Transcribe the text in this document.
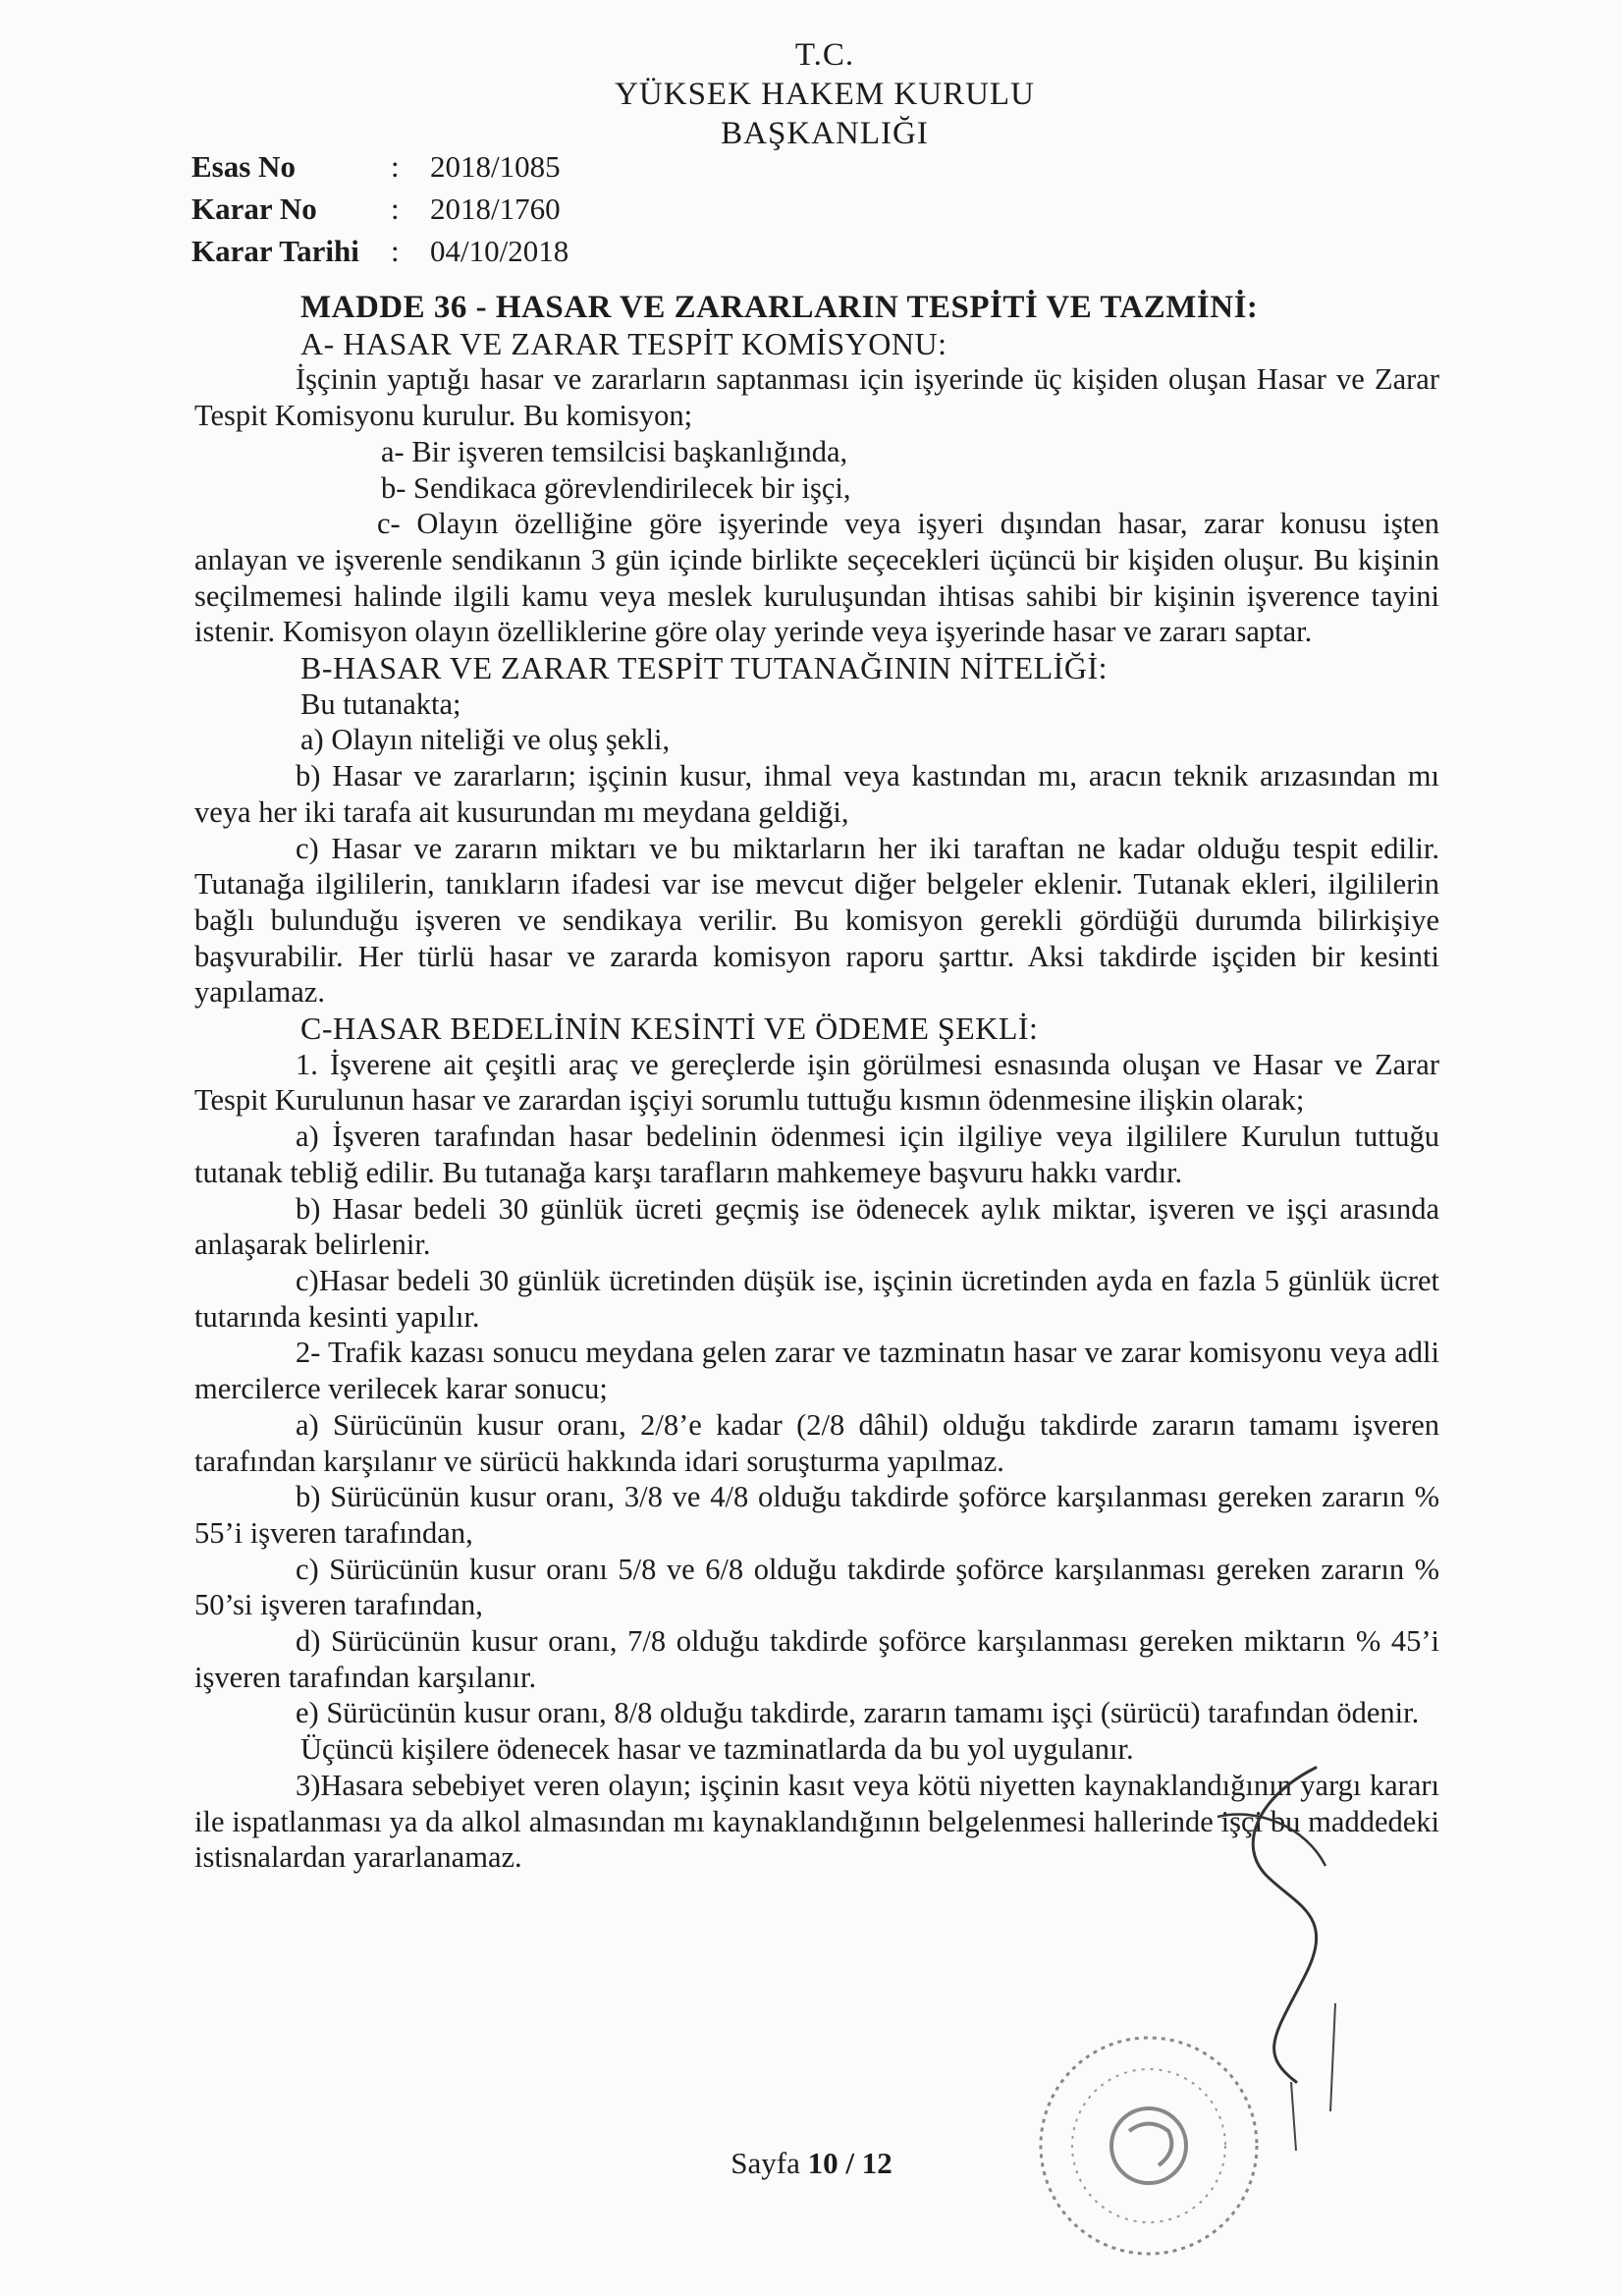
T.C.
YÜKSEK HAKEM KURULU
BAŞKANLIĞI
Esas No	:	2018/1085
Karar No	:	2018/1760
Karar Tarihi	:	04/10/2018

MADDE 36 - HASAR VE ZARARLARIN TESPİTİ VE TAZMİNİ:

A- HASAR VE ZARAR TESPİT KOMİSYONU:

İşçinin yaptığı hasar ve zararların saptanması için işyerinde üç kişiden oluşan Hasar ve Zarar Tespit Komisyonu kurulur. Bu komisyon;

a- Bir işveren temsilcisi başkanlığında,

b- Sendikaca görevlendirilecek bir işçi,

c- Olayın özelliğine göre işyerinde veya işyeri dışından hasar, zarar konusu işten anlayan ve işverenle sendikanın 3 gün içinde birlikte seçecekleri üçüncü bir kişiden oluşur. Bu kişinin seçilmemesi halinde ilgili kamu veya meslek kuruluşundan ihtisas sahibi bir kişinin işverence tayini istenir. Komisyon olayın özelliklerine göre olay yerinde veya işyerinde hasar ve zararı saptar.

B-HASAR VE ZARAR TESPİT TUTANAĞININ NİTELİĞİ:

Bu tutanakta;

a) Olayın niteliği ve oluş şekli,

b) Hasar ve zararların; işçinin kusur, ihmal veya kastından mı, aracın teknik arızasından mı veya her iki tarafa ait kusurundan mı meydana geldiği,

c) Hasar ve zararın miktarı ve bu miktarların her iki taraftan ne kadar olduğu tespit edilir. Tutanağa ilgililerin, tanıkların ifadesi var ise mevcut diğer belgeler eklenir. Tutanak ekleri, ilgililerin bağlı bulunduğu işveren ve sendikaya verilir. Bu komisyon gerekli gördüğü durumda bilirkişiye başvurabilir. Her türlü hasar ve zararda komisyon raporu şarttır. Aksi takdirde işçiden bir kesinti yapılamaz.

C-HASAR BEDELİNİN KESİNTİ VE ÖDEME ŞEKLİ:

1. İşverene ait çeşitli araç ve gereçlerde işin görülmesi esnasında oluşan ve Hasar ve Zarar Tespit Kurulunun hasar ve zarardan işçiyi sorumlu tuttuğu kısmın ödenmesine ilişkin olarak;

a) İşveren tarafından hasar bedelinin ödenmesi için ilgiliye veya ilgililere Kurulun tuttuğu tutanak tebliğ edilir. Bu tutanağa karşı tarafların mahkemeye başvuru hakkı vardır.

b) Hasar bedeli 30 günlük ücreti geçmiş ise ödenecek aylık miktar, işveren ve işçi arasında anlaşarak belirlenir.

c)Hasar bedeli 30 günlük ücretinden düşük ise, işçinin ücretinden ayda en fazla 5 günlük ücret tutarında kesinti yapılır.

2- Trafik kazası sonucu meydana gelen zarar ve tazminatın hasar ve zarar komisyonu veya adli mercilerce verilecek karar sonucu;

a) Sürücünün kusur oranı, 2/8’e kadar (2/8 dâhil) olduğu takdirde zararın tamamı işveren tarafından karşılanır ve sürücü hakkında idari soruşturma yapılmaz.

b) Sürücünün kusur oranı, 3/8 ve 4/8 olduğu takdirde şoförce karşılanması gereken zararın % 55’i işveren tarafından,

c) Sürücünün kusur oranı 5/8 ve 6/8 olduğu takdirde şoförce karşılanması gereken zararın % 50’si işveren tarafından,

d) Sürücünün kusur oranı, 7/8 olduğu takdirde şoförce karşılanması gereken miktarın % 45’i işveren tarafından karşılanır.

e) Sürücünün kusur oranı, 8/8 olduğu takdirde, zararın tamamı işçi (sürücü) tarafından ödenir.

Üçüncü kişilere ödenecek hasar ve tazminatlarda da bu yol uygulanır.

3)Hasara sebebiyet veren olayın; işçinin kasıt veya kötü niyetten kaynaklandığının yargı kararı ile ispatlanması ya da alkol almasından mı kaynaklandığının belgelenmesi hallerinde işçi bu maddedeki istisnalardan yararlanamaz.

Sayfa 10 / 12
